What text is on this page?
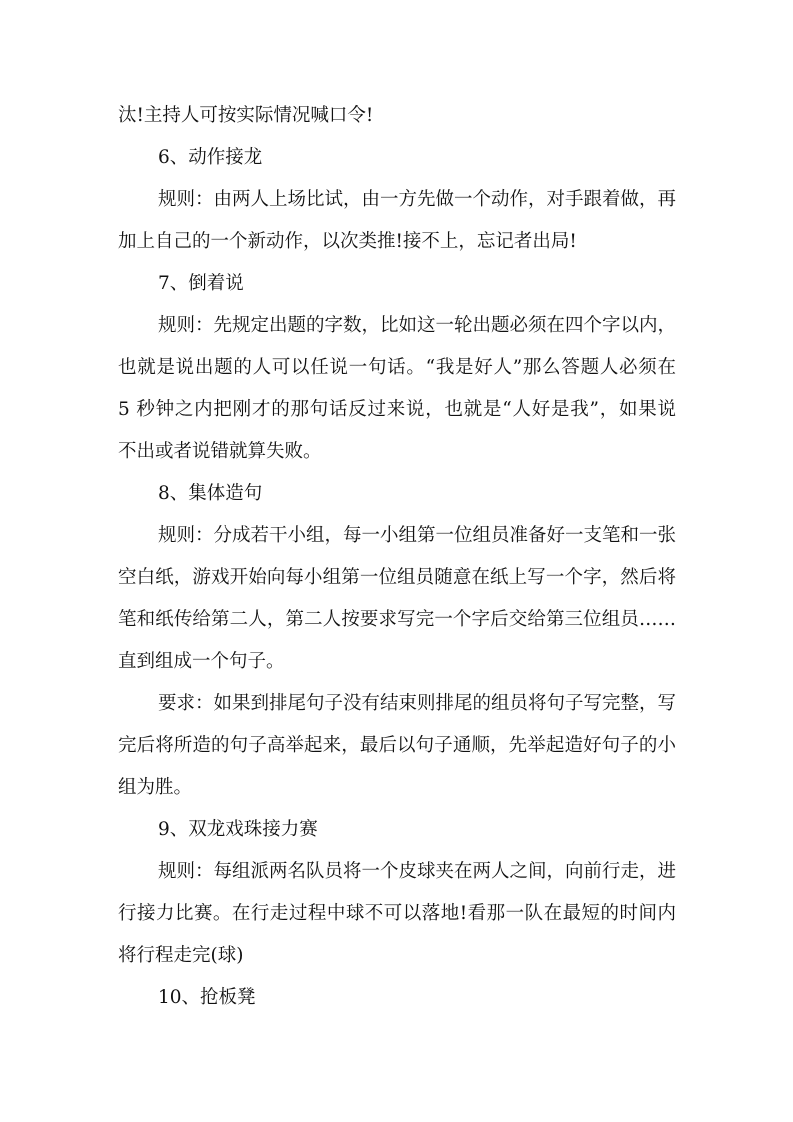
汰!主持人可按实际情况喊口令!
6、动作接龙
规则：由两人上场比试，由一方先做一个动作，对手跟着做，再
加上自己的一个新动作，以次类推!接不上，忘记者出局!
7、倒着说
规则：先规定出题的字数，比如这一轮出题必须在四个字以内，
也就是说出题的人可以任说一句话。“我是好人”那么答题人必须在
5 秒钟之内把刚才的那句话反过来说，也就是“人好是我”，如果说
不出或者说错就算失败。
8、集体造句
规则：分成若干小组，每一小组第一位组员准备好一支笔和一张
空白纸，游戏开始向每小组第一位组员随意在纸上写一个字，然后将
笔和纸传给第二人，第二人按要求写完一个字后交给第三位组员……
直到组成一个句子。
要求：如果到排尾句子没有结束则排尾的组员将句子写完整，写
完后将所造的句子高举起来，最后以句子通顺，先举起造好句子的小
组为胜。
9、双龙戏珠接力赛
规则：每组派两名队员将一个皮球夹在两人之间，向前行走，进
行接力比赛。在行走过程中球不可以落地!看那一队在最短的时间内
将行程走完(球)
10、抢板凳
